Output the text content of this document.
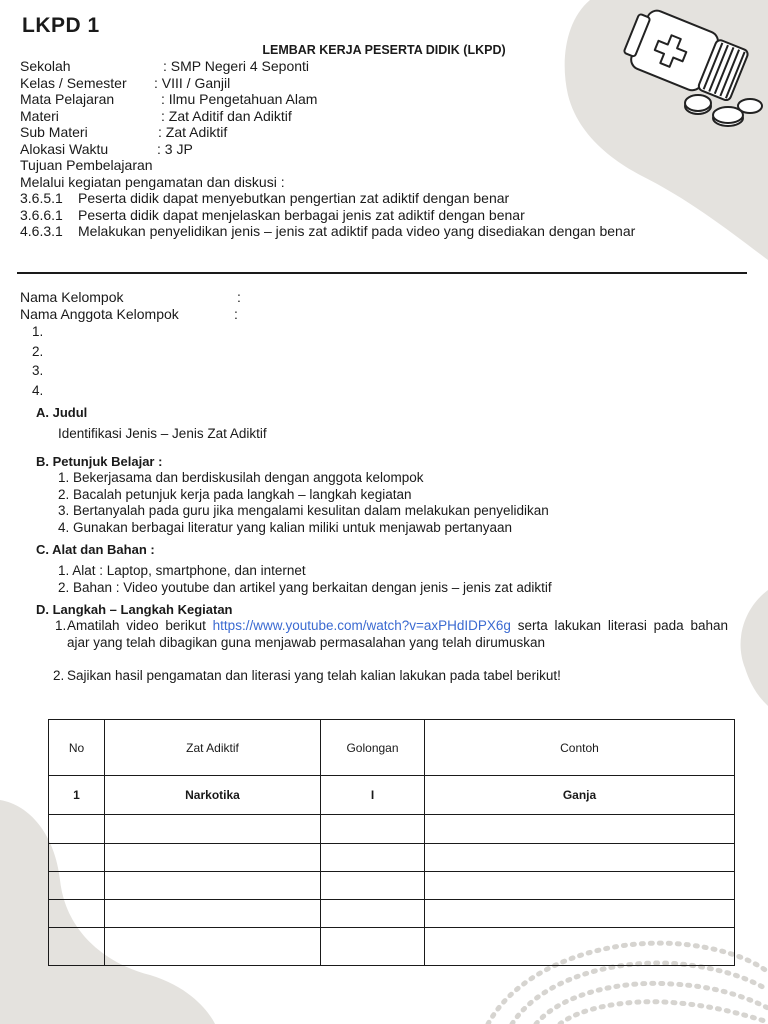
LKPD 1
LEMBAR KERJA PESERTA DIDIK (LKPD)
Sekolah	: SMP Negeri 4 Seponti
Kelas / Semester	: VIII / Ganjil
Mata Pelajaran	: Ilmu Pengetahuan Alam
Materi	: Zat Aditif dan Adiktif
Sub Materi	: Zat Adiktif
Alokasi Waktu	: 3 JP
Tujuan Pembelajaran
Melalui kegiatan pengamatan dan diskusi :
3.6.5.1	Peserta didik dapat menyebutkan pengertian zat adiktif dengan benar
3.6.6.1	Peserta didik dapat menjelaskan berbagai jenis zat adiktif dengan benar
4.6.3.1 Melakukan penyelidikan jenis – jenis zat adiktif pada video yang disediakan dengan benar
Nama Kelompok	:
Nama Anggota Kelompok	:
1.
2.
3.
4.
A. Judul
Identifikasi Jenis – Jenis Zat Adiktif
B. Petunjuk Belajar :
1. Bekerjasama dan berdiskusilah dengan anggota kelompok
2. Bacalah petunjuk kerja pada langkah – langkah kegiatan
3. Bertanyalah pada guru jika mengalami kesulitan dalam melakukan penyelidikan
4. Gunakan berbagai literatur yang kalian miliki untuk menjawab pertanyaan
C. Alat dan Bahan :
1. Alat : Laptop, smartphone, dan internet
2. Bahan : Video youtube dan artikel yang berkaitan dengan jenis – jenis zat adiktif
D. Langkah – Langkah Kegiatan
1. Amatilah video berikut https://www.youtube.com/watch?v=axPHdIDPX6g serta lakukan literasi pada bahan ajar yang telah dibagikan guna menjawab permasalahan yang telah dirumuskan
2. Sajikan hasil pengamatan dan literasi yang telah kalian lakukan pada tabel berikut!
No	Zat Adiktif	Golongan	Contoh
1	Narkotika	I	Ganja
